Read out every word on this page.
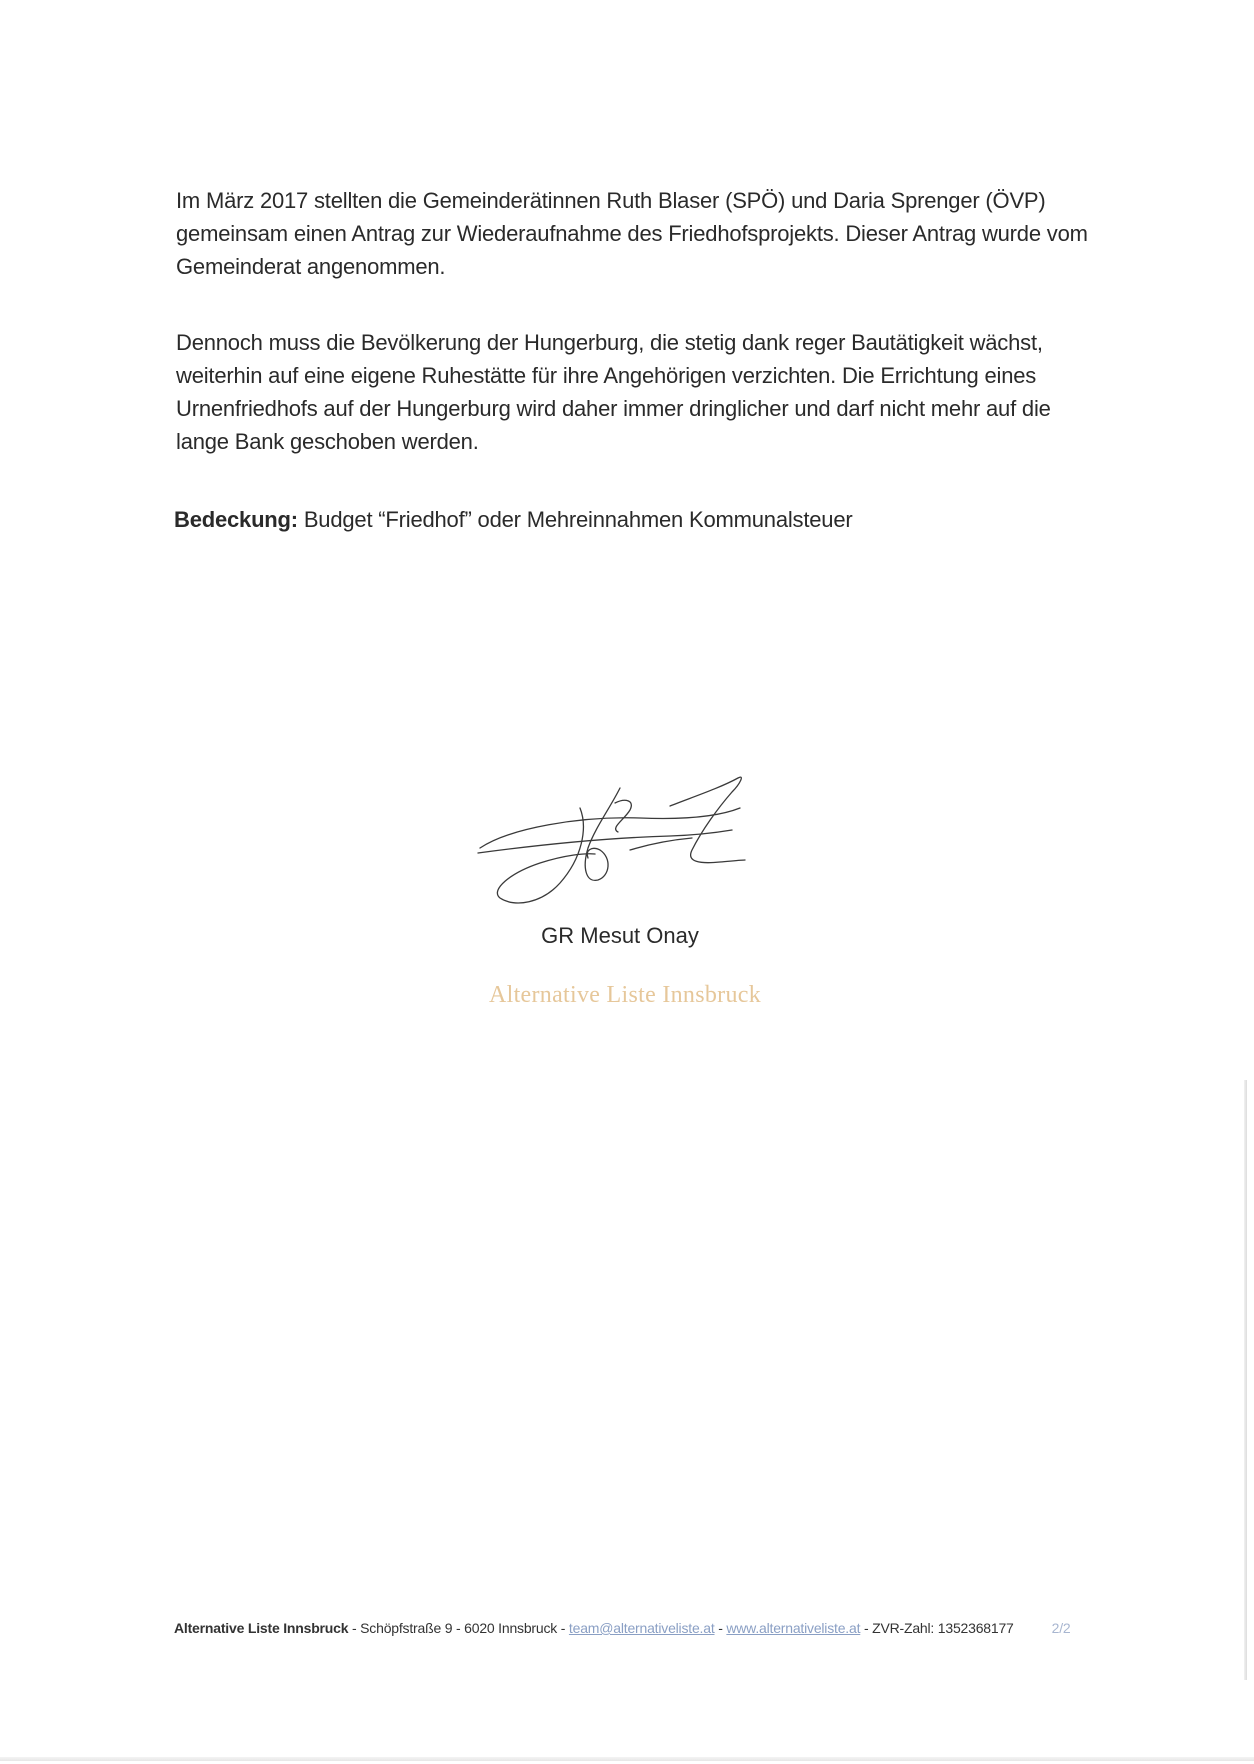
Im März 2017 stellten die Gemeinderätinnen Ruth Blaser (SPÖ) und Daria Sprenger (ÖVP) gemeinsam einen Antrag zur Wiederaufnahme des Friedhofsprojekts. Dieser Antrag wurde vom Gemeinderat angenommen.

Dennoch muss die Bevölkerung der Hungerburg, die stetig dank reger Bautätigkeit wächst, weiterhin auf eine eigene Ruhestätte für ihre Angehörigen verzichten. Die Errichtung eines Urnenfriedhofs auf der Hungerburg wird daher immer dringlicher und darf nicht mehr auf die lange Bank geschoben werden.

Bedeckung: Budget “Friedhof” oder Mehreinnahmen Kommunalsteuer

GR Mesut Onay
Alternative Liste Innsbruck
Alternative Liste Innsbruck - Schöpfstraße 9 - 6020 Innsbruck - team@alternativeliste.at - www.alternativeliste.at - ZVR-Zahl: 1352368177	2/2
